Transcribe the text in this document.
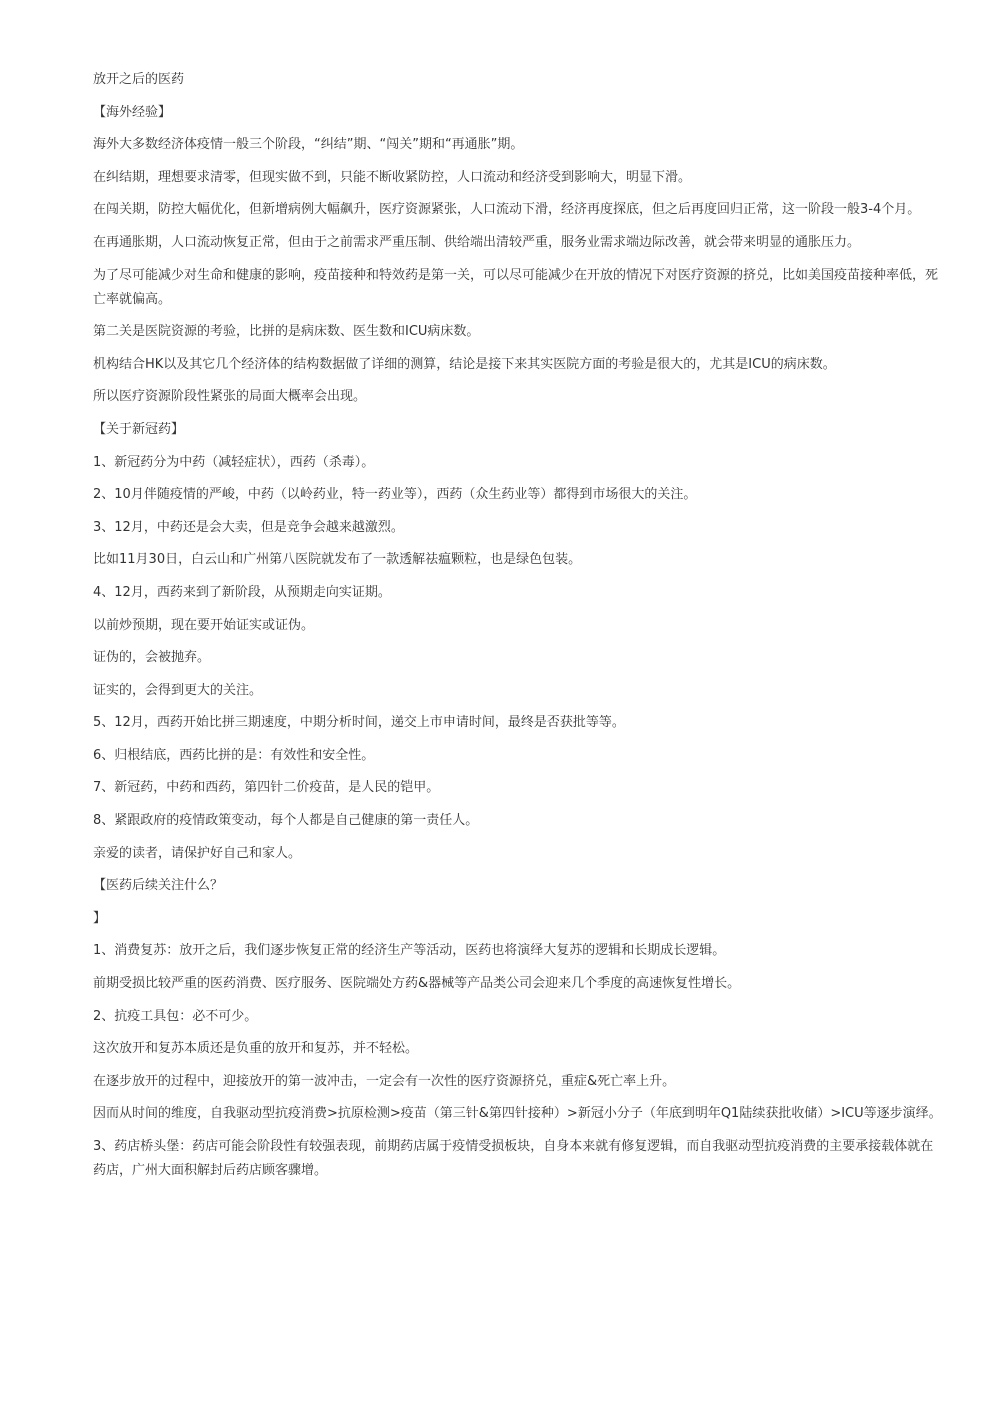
放开之后的医药

【海外经验】

海外大多数经济体疫情一般三个阶段，“纠结”期、“闯关”期和“再通胀”期。

在纠结期，理想要求清零，但现实做不到，只能不断收紧防控，人口流动和经济受到影响大，明显下滑。

在闯关期，防控大幅优化，但新增病例大幅飙升，医疗资源紧张，人口流动下滑，经济再度探底，但之后再度回归正常，这一阶段一般3-4个月。

在再通胀期，人口流动恢复正常，但由于之前需求严重压制、供给端出清较严重，服务业需求端边际改善，就会带来明显的通胀压力。

为了尽可能减少对生命和健康的影响，疫苗接种和特效药是第一关，可以尽可能减少在开放的情况下对医疗资源的挤兑，比如美国疫苗接种率低，死亡率就偏高。

第二关是医院资源的考验，比拼的是病床数、医生数和ICU病床数。

机构结合HK以及其它几个经济体的结构数据做了详细的测算，结论是接下来其实医院方面的考验是很大的，尤其是ICU的病床数。

所以医疗资源阶段性紧张的局面大概率会出现。

【关于新冠药】

1、新冠药分为中药（减轻症状），西药（杀毒）。

2、10月伴随疫情的严峻，中药（以岭药业，特一药业等），西药（众生药业等）都得到市场很大的关注。

3、12月，中药还是会大卖，但是竞争会越来越激烈。

比如11月30日，白云山和广州第八医院就发布了一款透解祛瘟颗粒，也是绿色包装。

4、12月，西药来到了新阶段，从预期走向实证期。

以前炒预期，现在要开始证实或证伪。

证伪的，会被抛弃。

证实的，会得到更大的关注。

5、12月，西药开始比拼三期速度，中期分析时间，递交上市申请时间，最终是否获批等等。

6、归根结底，西药比拼的是：有效性和安全性。

7、新冠药，中药和西药，第四针二价疫苗，是人民的铠甲。

8、紧跟政府的疫情政策变动，每个人都是自己健康的第一责任人。

亲爱的读者，请保护好自己和家人。

【医药后续关注什么？

】

1、消费复苏：放开之后，我们逐步恢复正常的经济生产等活动，医药也将演绎大复苏的逻辑和长期成长逻辑。

前期受损比较严重的医药消费、医疗服务、医院端处方药&器械等产品类公司会迎来几个季度的高速恢复性增长。

2、抗疫工具包：必不可少。

这次放开和复苏本质还是负重的放开和复苏，并不轻松。

在逐步放开的过程中，迎接放开的第一波冲击，一定会有一次性的医疗资源挤兑，重症&死亡率上升。

因而从时间的维度，自我驱动型抗疫消费>抗原检测>疫苗（第三针&第四针接种）>新冠小分子（年底到明年Q1陆续获批收储）>ICU等逐步演绎。

3、药店桥头堡：药店可能会阶段性有较强表现，前期药店属于疫情受损板块，自身本来就有修复逻辑，而自我驱动型抗疫消费的主要承接载体就在药店，广州大面积解封后药店顾客骤增。
